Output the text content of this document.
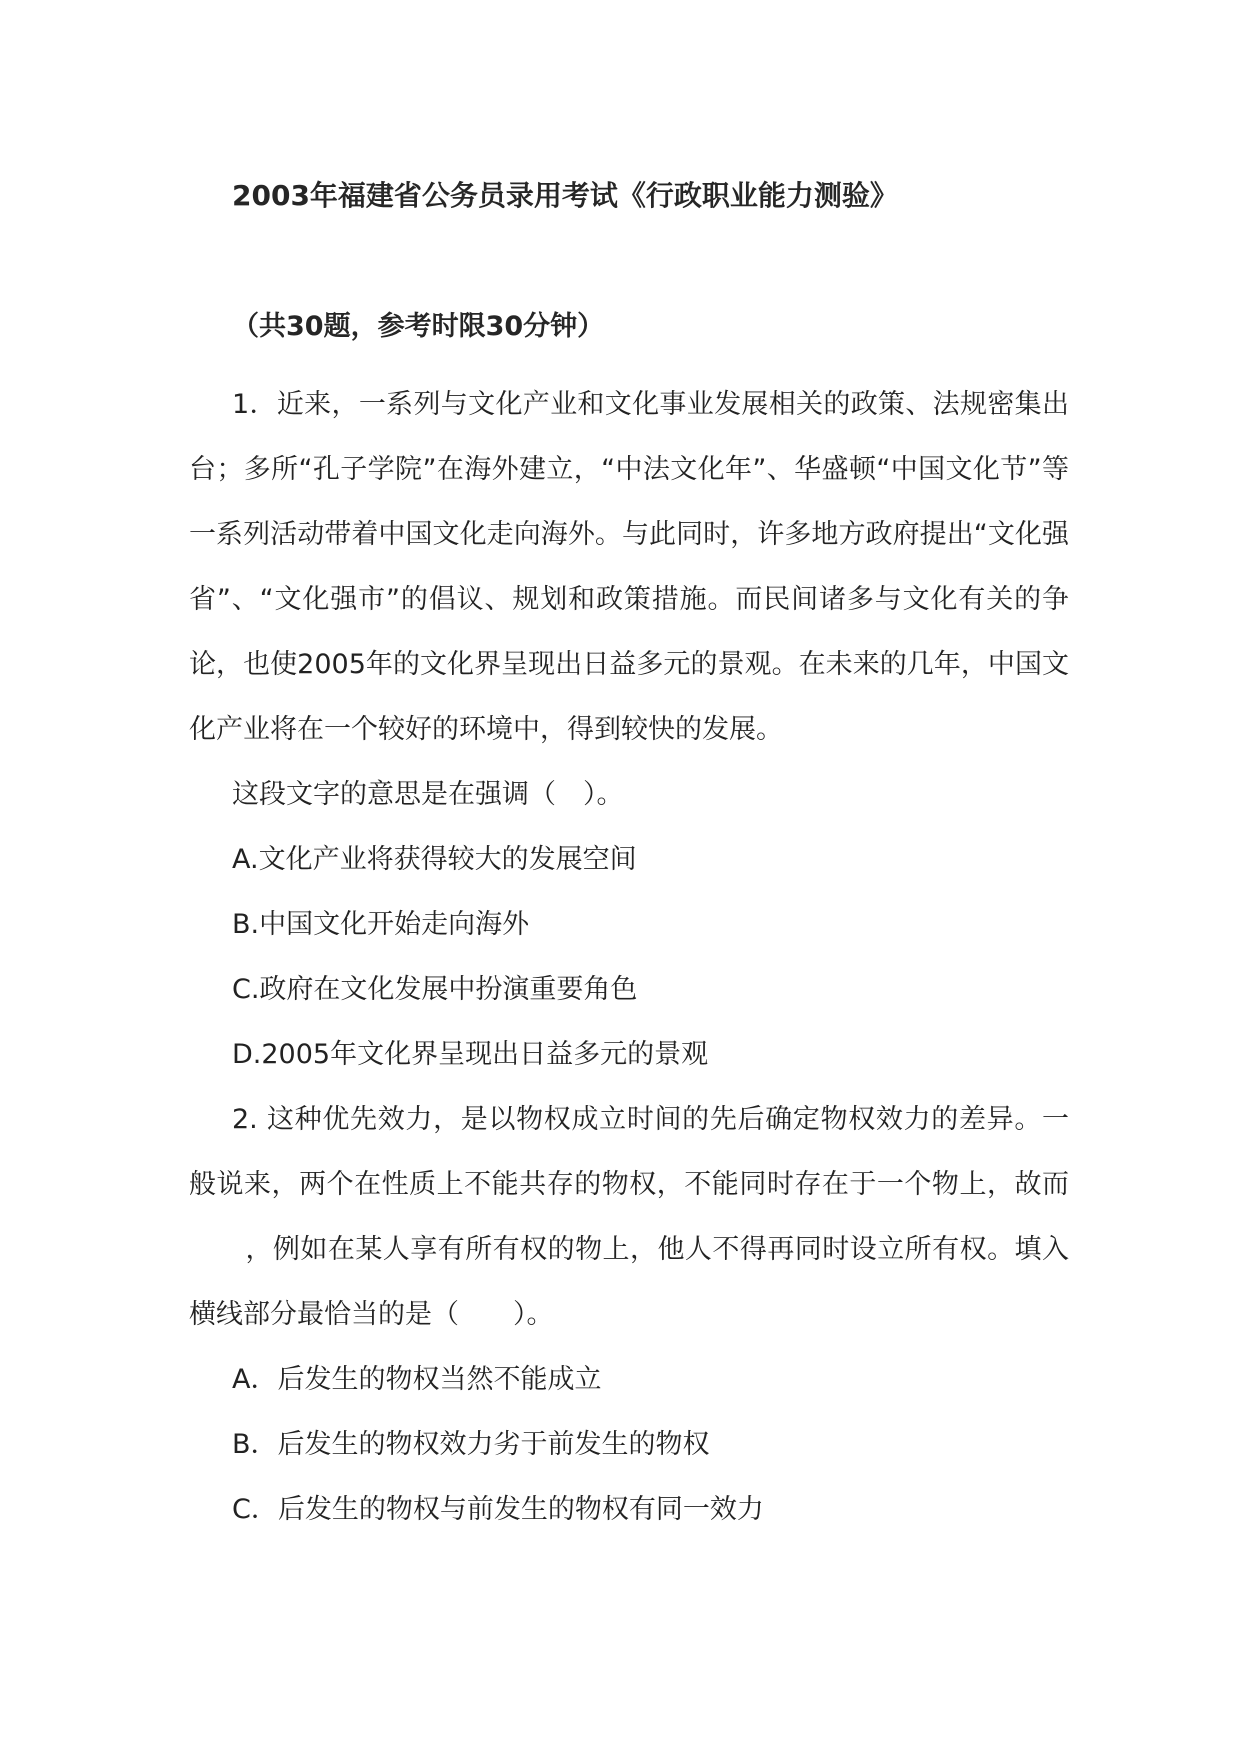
2003年福建省公务员录用考试《行政职业能力测验》
（共30题，参考时限30分钟）

1．近来，一系列与文化产业和文化事业发展相关的政策、法规密集出台；多所“孔子学院”在海外建立，“中法文化年”、华盛顿“中国文化节”等一系列活动带着中国文化走向海外。与此同时，许多地方政府提出“文化强省”、“文化强市”的倡议、规划和政策措施。而民间诸多与文化有关的争论，也使2005年的文化界呈现出日益多元的景观。在未来的几年，中国文化产业将在一个较好的环境中，得到较快的发展。

这段文字的意思是在强调（　）。

A.文化产业将获得较大的发展空间

B.中国文化开始走向海外

C.政府在文化发展中扮演重要角色

D.2005年文化界呈现出日益多元的景观

2. 这种优先效力，是以物权成立时间的先后确定物权效力的差异。一般说来，两个在性质上不能共存的物权，不能同时存在于一个物上，故而，例如在某人享有所有权的物上，他人不得再同时设立所有权。填入横线部分最恰当的是（　　）。

A．后发生的物权当然不能成立

B．后发生的物权效力劣于前发生的物权

C．后发生的物权与前发生的物权有同一效力
